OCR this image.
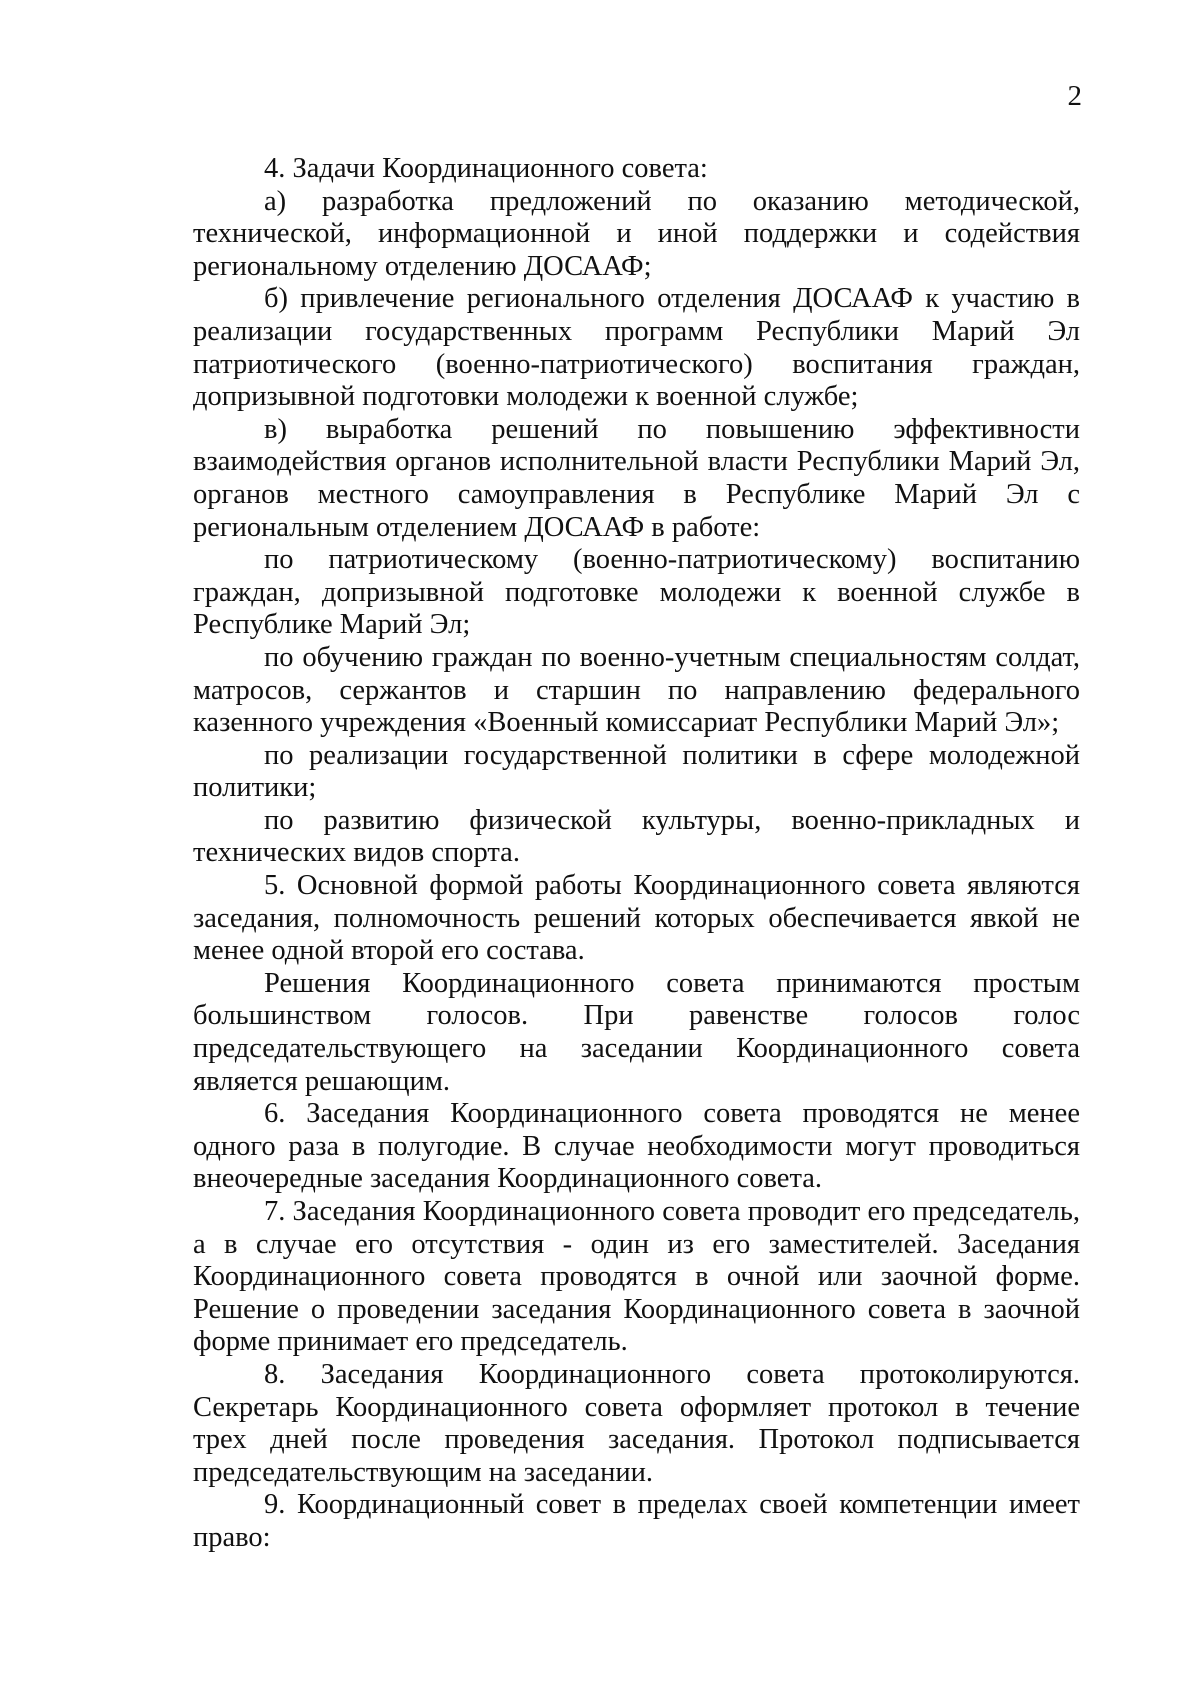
2

4. Задачи Координационного совета:

а) разработка предложений по оказанию методической, технической, информационной и иной поддержки и содействия региональному отделению ДОСААФ;

б) привлечение регионального отделения ДОСААФ к участию в реализации государственных программ Республики Марий Эл патриотического (военно-патриотического) воспитания граждан, допризывной подготовки молодежи к военной службе;

в) выработка решений по повышению эффективности взаимодействия органов исполнительной власти Республики Марий Эл, органов местного самоуправления в Республике Марий Эл с региональным отделением ДОСААФ в работе:

по патриотическому (военно-патриотическому) воспитанию граждан, допризывной подготовке молодежи к военной службе в Республике Марий Эл;

по обучению граждан по военно-учетным специальностям солдат, матросов, сержантов и старшин по направлению федерального казенного учреждения «Военный комиссариат Республики Марий Эл»;

по реализации государственной политики в сфере молодежной политики;

по развитию физической культуры, военно-прикладных и технических видов спорта.

5. Основной формой работы Координационного совета являются заседания, полномочность решений которых обеспечивается явкой не менее одной второй его состава.

Решения Координационного совета принимаются простым большинством голосов. При равенстве голосов голос председательствующего на заседании Координационного совета является решающим.

6. Заседания Координационного совета проводятся не менее одного раза в полугодие. В случае необходимости могут проводиться внеочередные заседания Координационного совета.

7. Заседания Координационного совета проводит его председатель, а в случае его отсутствия - один из его заместителей. Заседания Координационного совета проводятся в очной или заочной форме. Решение о проведении заседания Координационного совета в заочной форме принимает его председатель.

8. Заседания Координационного совета протоколируются. Секретарь Координационного совета оформляет протокол в течение трех дней после проведения заседания. Протокол подписывается председательствующим на заседании.

9. Координационный совет в пределах своей компетенции имеет право:
